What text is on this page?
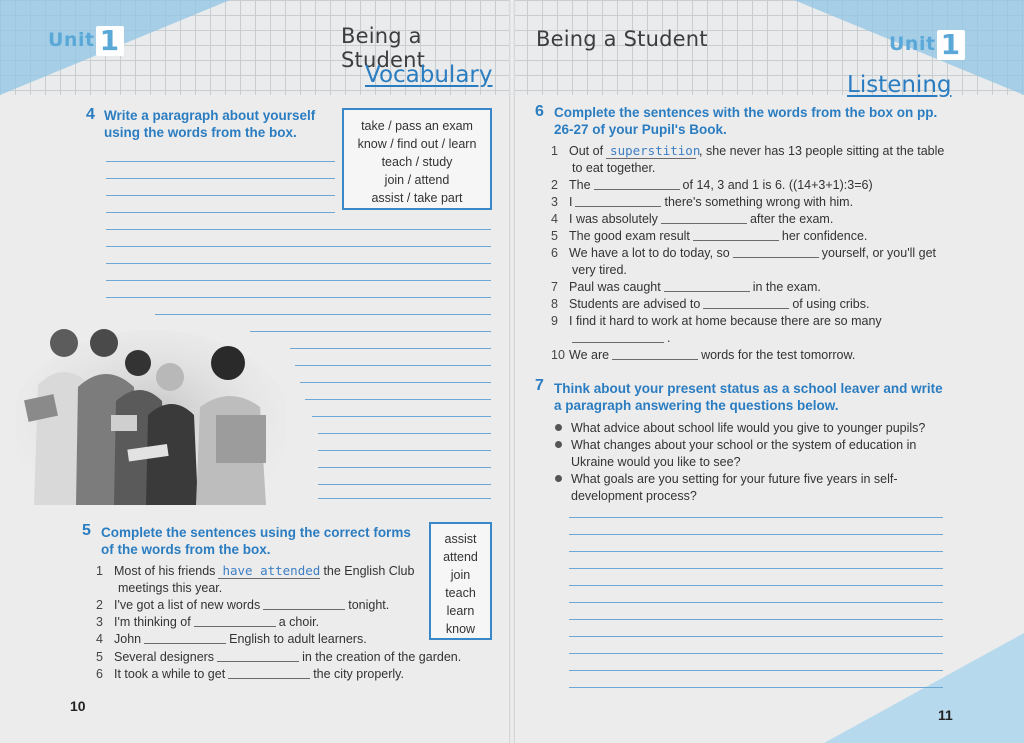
Unit 1	Being a Student
Vocabulary
4 Write a paragraph about yourself
using the words from the box.	take / pass an exam
know / find out / learn
teach / study
join / attend
assist / take part
5 Complete the sentences using the correct forms
of the words from the box.
assist
attend
join
teach
learn
know
1 Most of his friends have attended the English Club
meetings this year.
2 I've got a list of new words	tonight.
3 I'm thinking of	a choir.
4 John	English to adult learners.
5 Several designers	in the creation of the garden.
6 It took a while to get	the city properly.
10
Being a Student	Unit 1
Listening
6 Complete the sentences with the words from the box on pp.
26-27 of your Pupil's Book.
1 Out of superstition, she never has 13 people sitting at the table
to eat together.
2 The	of 14, 3 and 1 is 6. ((14+3+1):3=6)
3 I	there's something wrong with him.
4 I was absolutely	after the exam.
5 The good exam result	her confidence.
6 We have a lot to do today, so	yourself, or you'll get
very tired.
7 Paul was caught	in the exam.
8 Students are advised to	of using cribs.
9 I find it hard to work at home because there are so many
.
10 We are	words for the test tomorrow.
7 Think about your present status as a school leaver and write
a paragraph answering the questions below.
What advice about school life would you give to younger pupils?
What changes about your school or the system of education in
Ukraine would you like to see?
What goals are you setting for your future five years in self-
development process?
11
